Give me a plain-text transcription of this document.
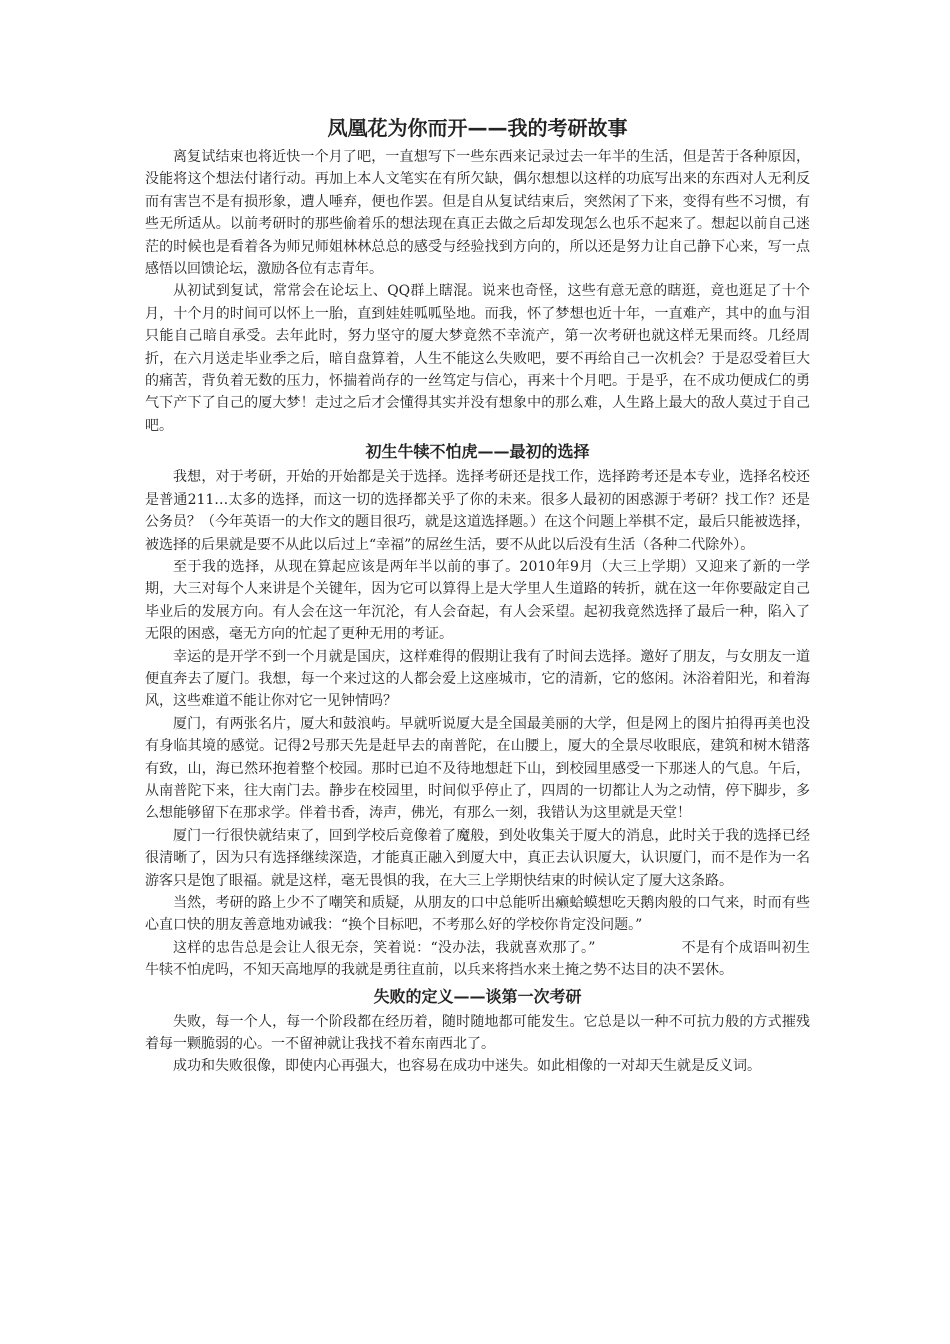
凤凰花为你而开——我的考研故事

离复试结束也将近快一个月了吧，一直想写下一些东西来记录过去一年半的生活，但是苦于各种原因，没能将这个想法付诸行动。再加上本人文笔实在有所欠缺，偶尔想想以这样的功底写出来的东西对人无利反而有害岂不是有损形象，遭人唾弃，便也作罢。但是自从复试结束后，突然闲了下来，变得有些不习惯，有些无所适从。以前考研时的那些偷着乐的想法现在真正去做之后却发现怎么也乐不起来了。想起以前自己迷茫的时候也是看着各为师兄师姐林林总总的感受与经验找到方向的，所以还是努力让自己静下心来，写一点感悟以回馈论坛，激励各位有志青年。

从初试到复试，常常会在论坛上、QQ群上瞎混。说来也奇怪，这些有意无意的瞎逛，竟也逛足了十个月，十个月的时间可以怀上一胎，直到娃娃呱呱坠地。而我，怀了梦想也近十年，一直难产，其中的血与泪只能自己暗自承受。去年此时，努力坚守的厦大梦竟然不幸流产，第一次考研也就这样无果而终。几经周折，在六月送走毕业季之后，暗自盘算着，人生不能这么失败吧，要不再给自己一次机会？于是忍受着巨大的痛苦，背负着无数的压力，怀揣着尚存的一丝笃定与信心，再来十个月吧。于是乎，在不成功便成仁的勇气下产下了自己的厦大梦！走过之后才会懂得其实并没有想象中的那么难，人生路上最大的敌人莫过于自己吧。

初生牛犊不怕虎——最初的选择

我想，对于考研，开始的开始都是关于选择。选择考研还是找工作，选择跨考还是本专业，选择名校还是普通211…太多的选择，而这一切的选择都关乎了你的未来。很多人最初的困惑源于考研？找工作？还是公务员？（今年英语一的大作文的题目很巧，就是这道选择题。）在这个问题上举棋不定，最后只能被选择，被选择的后果就是要不从此以后过上“幸福”的屌丝生活，要不从此以后没有生活（各种二代除外）。

至于我的选择，从现在算起应该是两年半以前的事了。2010年9月（大三上学期）又迎来了新的一学期，大三对每个人来讲是个关键年，因为它可以算得上是大学里人生道路的转折，就在这一年你要敲定自己毕业后的发展方向。有人会在这一年沉沦，有人会奋起，有人会采望。起初我竟然选择了最后一种，陷入了无限的困惑，毫无方向的忙起了更种无用的考证。

幸运的是开学不到一个月就是国庆，这样难得的假期让我有了时间去选择。邀好了朋友，与女朋友一道便直奔去了厦门。我想，每一个来过这的人都会爱上这座城市，它的清新，它的悠闲。沐浴着阳光，和着海风，这些难道不能让你对它一见钟情吗？

厦门，有两张名片，厦大和鼓浪屿。早就听说厦大是全国最美丽的大学，但是网上的图片拍得再美也没有身临其境的感觉。记得2号那天先是赶早去的南普陀，在山腰上，厦大的全景尽收眼底，建筑和树木错落有致，山，海已然环抱着整个校园。那时已迫不及待地想赶下山，到校园里感受一下那迷人的气息。午后，从南普陀下来，往大南门去。静步在校园里，时间似乎停止了，四周的一切都让人为之动情，停下脚步，多么想能够留下在那求学。伴着书香，涛声，佛光，有那么一刻，我错认为这里就是天堂！

厦门一行很快就结束了，回到学校后竟像着了魔般，到处收集关于厦大的消息，此时关于我的选择已经很清晰了，因为只有选择继续深造，才能真正融入到厦大中，真正去认识厦大，认识厦门，而不是作为一名游客只是饱了眼福。就是这样，毫无畏惧的我，在大三上学期快结束的时候认定了厦大这条路。

当然，考研的路上少不了嘲笑和质疑，从朋友的口中总能听出癞蛤蟆想吃天鹅肉般的口气来，时而有些心直口快的朋友善意地劝诫我：“换个目标吧，不考那么好的学校你肯定没问题。”

这样的忠告总是会让人很无奈，笑着说：“没办法，我就喜欢那了。”　　　　　　不是有个成语叫初生牛犊不怕虎吗，不知天高地厚的我就是勇往直前，以兵来将挡水来土掩之势不达目的决不罢休。

失败的定义——谈第一次考研

失败，每一个人，每一个阶段都在经历着，随时随地都可能发生。它总是以一种不可抗力般的方式摧残着每一颗脆弱的心。一不留神就让我找不着东南西北了。

成功和失败很像，即使内心再强大，也容易在成功中迷失。如此相像的一对却天生就是反义词。
